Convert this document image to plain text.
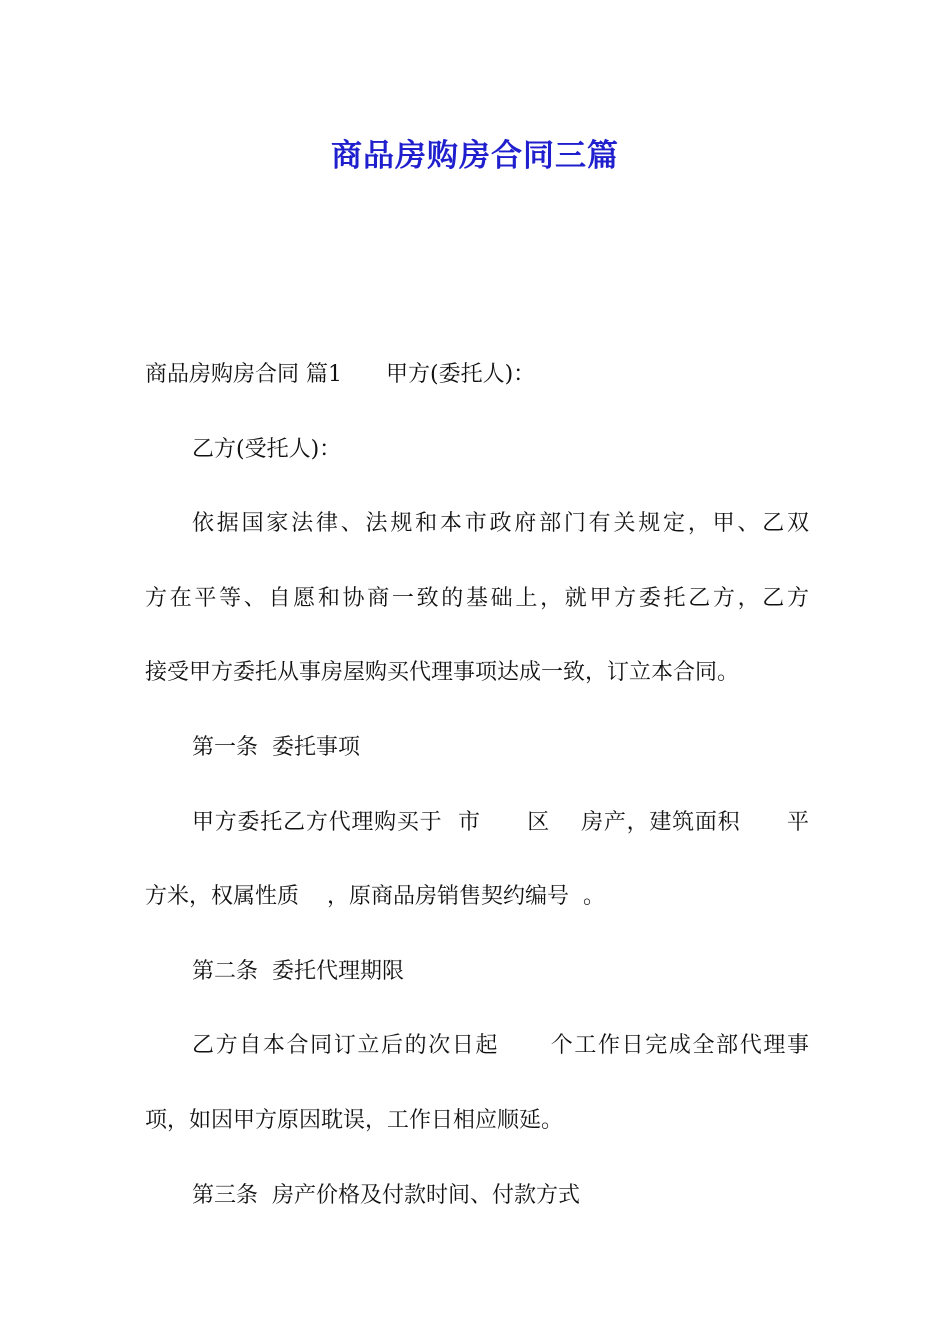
商品房购房合同三篇

商品房购房合同 篇1　　甲方(委托人)：

乙方(受托人)：

依据国家法律、法规和本市政府部门有关规定，甲、乙双

方在平等、自愿和协商一致的基础上，就甲方委托乙方，乙方

接受甲方委托从事房屋购买代理事项达成一致，订立本合同。

第一条  委托事项

甲方委托乙方代理购买于  市      区    房产，建筑面积      平

方米，权属性质    ，原商品房销售契约编号  。

第二条  委托代理期限

乙方自本合同订立后的次日起      个工作日完成全部代理事

项，如因甲方原因耽误，工作日相应顺延。

第三条  房产价格及付款时间、付款方式
